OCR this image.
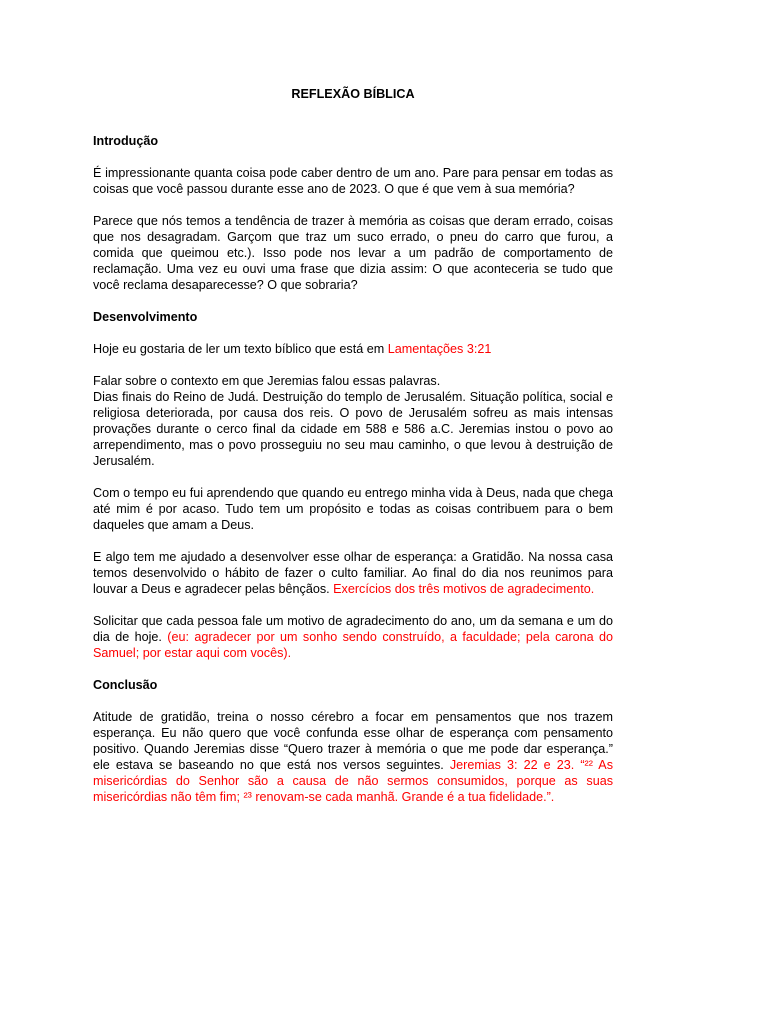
REFLEXÃO BÍBLICA
Introdução
É impressionante quanta coisa pode caber dentro de um ano. Pare para pensar em todas as coisas que você passou durante esse ano de 2023. O que é que vem à sua memória?
Parece que nós temos a tendência de trazer à memória as coisas que deram errado, coisas que nos desagradam. Garçom que traz um suco errado, o pneu do carro que furou, a comida que queimou etc.). Isso pode nos levar a um padrão de comportamento de reclamação. Uma vez eu ouvi uma frase que dizia assim: O que aconteceria se tudo que você reclama desaparecesse? O que sobraria?
Desenvolvimento
Hoje eu gostaria de ler um texto bíblico que está em Lamentações 3:21
Falar sobre o contexto em que Jeremias falou essas palavras.
Dias finais do Reino de Judá. Destruição do templo de Jerusalém. Situação política, social e religiosa deteriorada, por causa dos reis. O povo de Jerusalém sofreu as mais intensas provações durante o cerco final da cidade em 588 e 586 a.C. Jeremias instou o povo ao arrependimento, mas o povo prosseguiu no seu mau caminho, o que levou à destruição de Jerusalém.
Com o tempo eu fui aprendendo que quando eu entrego minha vida à Deus, nada que chega até mim é por acaso. Tudo tem um propósito e todas as coisas contribuem para o bem daqueles que amam a Deus.
E algo tem me ajudado a desenvolver esse olhar de esperança: a Gratidão. Na nossa casa temos desenvolvido o hábito de fazer o culto familiar. Ao final do dia nos reunimos para louvar a Deus e agradecer pelas bênçãos. Exercícios dos três motivos de agradecimento.
Solicitar que cada pessoa fale um motivo de agradecimento do ano, um da semana e um do dia de hoje. (eu: agradecer por um sonho sendo construído, a faculdade; pela carona do Samuel; por estar aqui com vocês).
Conclusão
Atitude de gratidão, treina o nosso cérebro a focar em pensamentos que nos trazem esperança. Eu não quero que você confunda esse olhar de esperança com pensamento positivo. Quando Jeremias disse “Quero trazer à memória o que me pode dar esperança.” ele estava se baseando no que está nos versos seguintes. Jeremias 3: 22 e 23. “²² As misericórdias do Senhor são a causa de não sermos consumidos, porque as suas misericórdias não têm fim; ²³ renovam-se cada manhã. Grande é a tua fidelidade.”.
